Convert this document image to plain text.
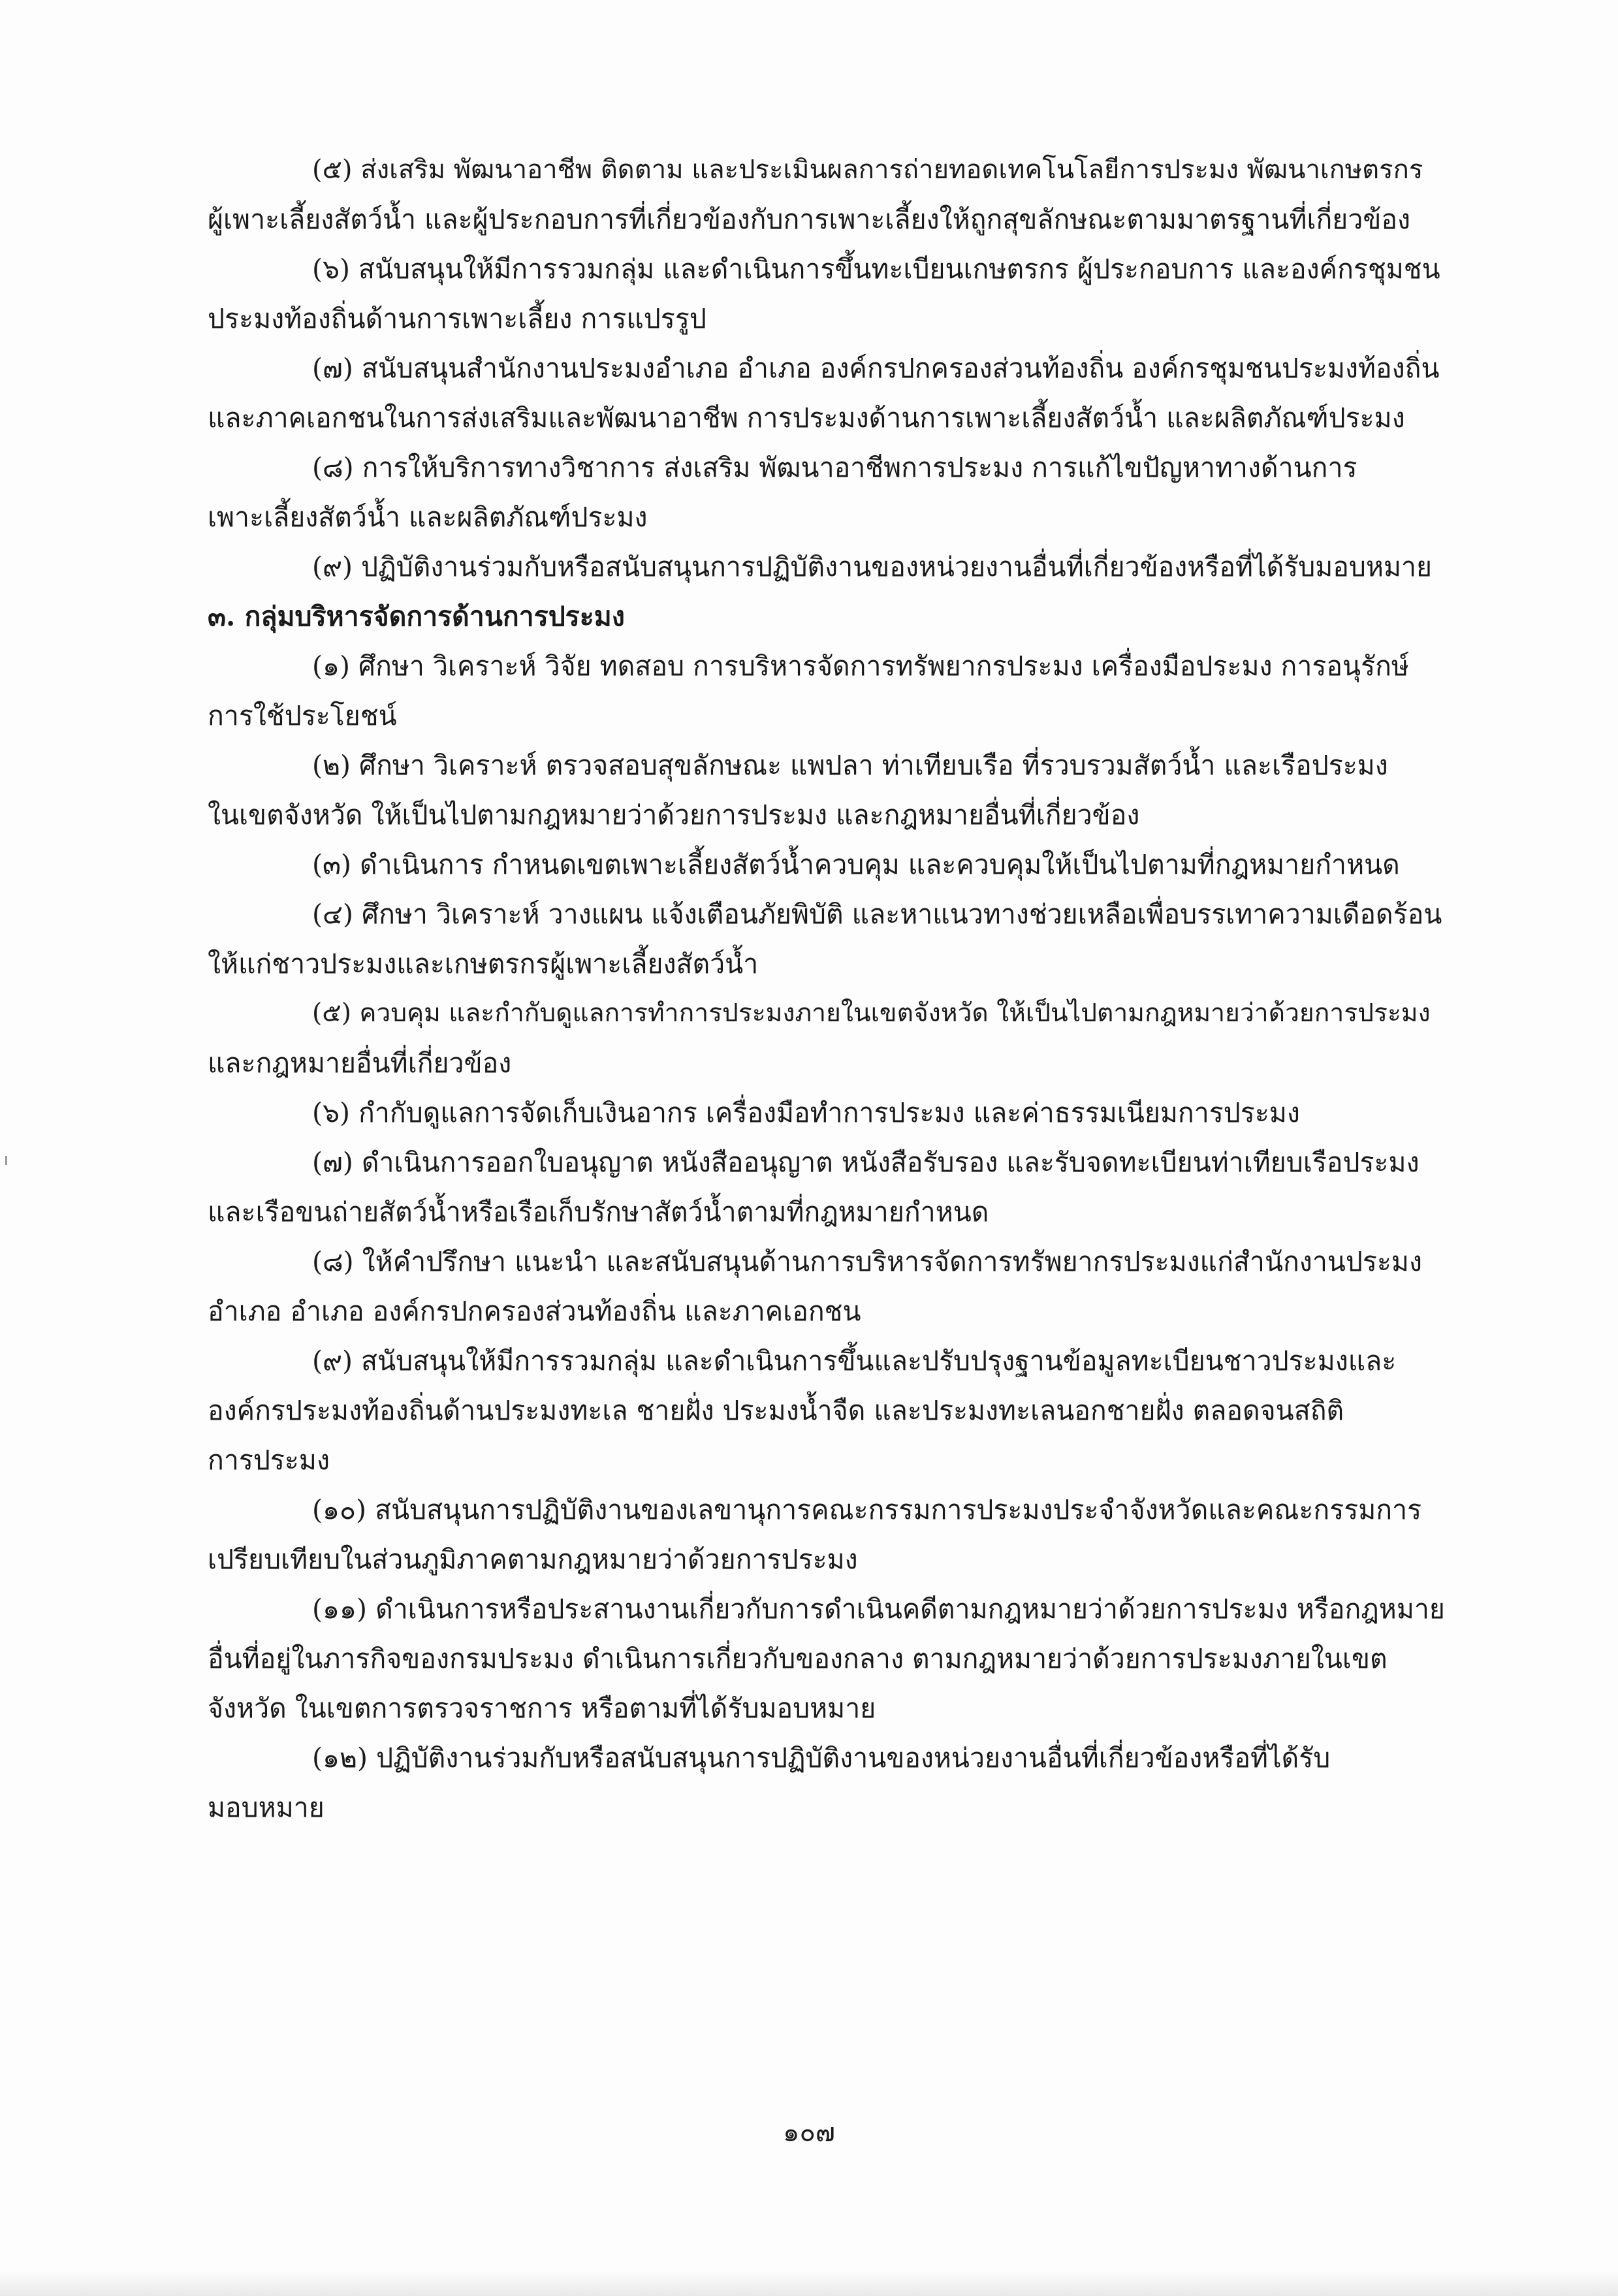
(๕) ส่งเสริม พัฒนาอาชีพ ติดตาม และประเมินผลการถ่ายทอดเทคโนโลยีการประมง พัฒนาเกษตรกร
ผู้เพาะเลี้ยงสัตว์น้ำ และผู้ประกอบการที่เกี่ยวข้องกับการเพาะเลี้ยงให้ถูกสุขลักษณะตามมาตรฐานที่เกี่ยวข้อง
(๖) สนับสนุนให้มีการรวมกลุ่ม และดำเนินการขึ้นทะเบียนเกษตรกร ผู้ประกอบการ และองค์กรชุมชน
ประมงท้องถิ่นด้านการเพาะเลี้ยง การแปรรูป
(๗) สนับสนุนสำนักงานประมงอำเภอ อำเภอ องค์กรปกครองส่วนท้องถิ่น องค์กรชุมชนประมงท้องถิ่น
และภาคเอกชนในการส่งเสริมและพัฒนาอาชีพ การประมงด้านการเพาะเลี้ยงสัตว์น้ำ และผลิตภัณฑ์ประมง
(๘) การให้บริการทางวิชาการ ส่งเสริม พัฒนาอาชีพการประมง การแก้ไขปัญหาทางด้านการ
เพาะเลี้ยงสัตว์น้ำ และผลิตภัณฑ์ประมง
(๙) ปฏิบัติงานร่วมกับหรือสนับสนุนการปฏิบัติงานของหน่วยงานอื่นที่เกี่ยวข้องหรือที่ได้รับมอบหมาย
๓. กลุ่มบริหารจัดการด้านการประมง
(๑) ศึกษา วิเคราะห์ วิจัย ทดสอบ การบริหารจัดการทรัพยากรประมง เครื่องมือประมง การอนุรักษ์
การใช้ประโยชน์
(๒) ศึกษา วิเคราะห์ ตรวจสอบสุขลักษณะ แพปลา ท่าเทียบเรือ ที่รวบรวมสัตว์น้ำ และเรือประมง
ในเขตจังหวัด ให้เป็นไปตามกฎหมายว่าด้วยการประมง และกฎหมายอื่นที่เกี่ยวข้อง
(๓) ดำเนินการ กำหนดเขตเพาะเลี้ยงสัตว์น้ำควบคุม และควบคุมให้เป็นไปตามที่กฎหมายกำหนด
(๔) ศึกษา วิเคราะห์ วางแผน แจ้งเตือนภัยพิบัติ และหาแนวทางช่วยเหลือเพื่อบรรเทาความเดือดร้อน
ให้แก่ชาวประมงและเกษตรกรผู้เพาะเลี้ยงสัตว์น้ำ
(๕) ควบคุม และกำกับดูแลการทำการประมงภายในเขตจังหวัด ให้เป็นไปตามกฎหมายว่าด้วยการประมง
และกฎหมายอื่นที่เกี่ยวข้อง
(๖) กำกับดูแลการจัดเก็บเงินอากร เครื่องมือทำการประมง และค่าธรรมเนียมการประมง
(๗) ดำเนินการออกใบอนุญาต หนังสืออนุญาต หนังสือรับรอง และรับจดทะเบียนท่าเทียบเรือประมง
และเรือขนถ่ายสัตว์น้ำหรือเรือเก็บรักษาสัตว์น้ำตามที่กฎหมายกำหนด
(๘) ให้คำปรึกษา แนะนำ และสนับสนุนด้านการบริหารจัดการทรัพยากรประมงแก่สำนักงานประมง
อำเภอ อำเภอ องค์กรปกครองส่วนท้องถิ่น และภาคเอกชน
(๙) สนับสนุนให้มีการรวมกลุ่ม และดำเนินการขึ้นและปรับปรุงฐานข้อมูลทะเบียนชาวประมงและ
องค์กรประมงท้องถิ่นด้านประมงทะเล ชายฝั่ง ประมงน้ำจืด และประมงทะเลนอกชายฝั่ง ตลอดจนสถิติ
การประมง
(๑๐) สนับสนุนการปฏิบัติงานของเลขานุการคณะกรรมการประมงประจำจังหวัดและคณะกรรมการ
เปรียบเทียบในส่วนภูมิภาคตามกฎหมายว่าด้วยการประมง
(๑๑) ดำเนินการหรือประสานงานเกี่ยวกับการดำเนินคดีตามกฎหมายว่าด้วยการประมง หรือกฎหมาย
อื่นที่อยู่ในภารกิจของกรมประมง ดำเนินการเกี่ยวกับของกลาง ตามกฎหมายว่าด้วยการประมงภายในเขต
จังหวัด ในเขตการตรวจราชการ หรือตามที่ได้รับมอบหมาย
(๑๒) ปฏิบัติงานร่วมกับหรือสนับสนุนการปฏิบัติงานของหน่วยงานอื่นที่เกี่ยวข้องหรือที่ได้รับ
มอบหมาย
๑๐๗
